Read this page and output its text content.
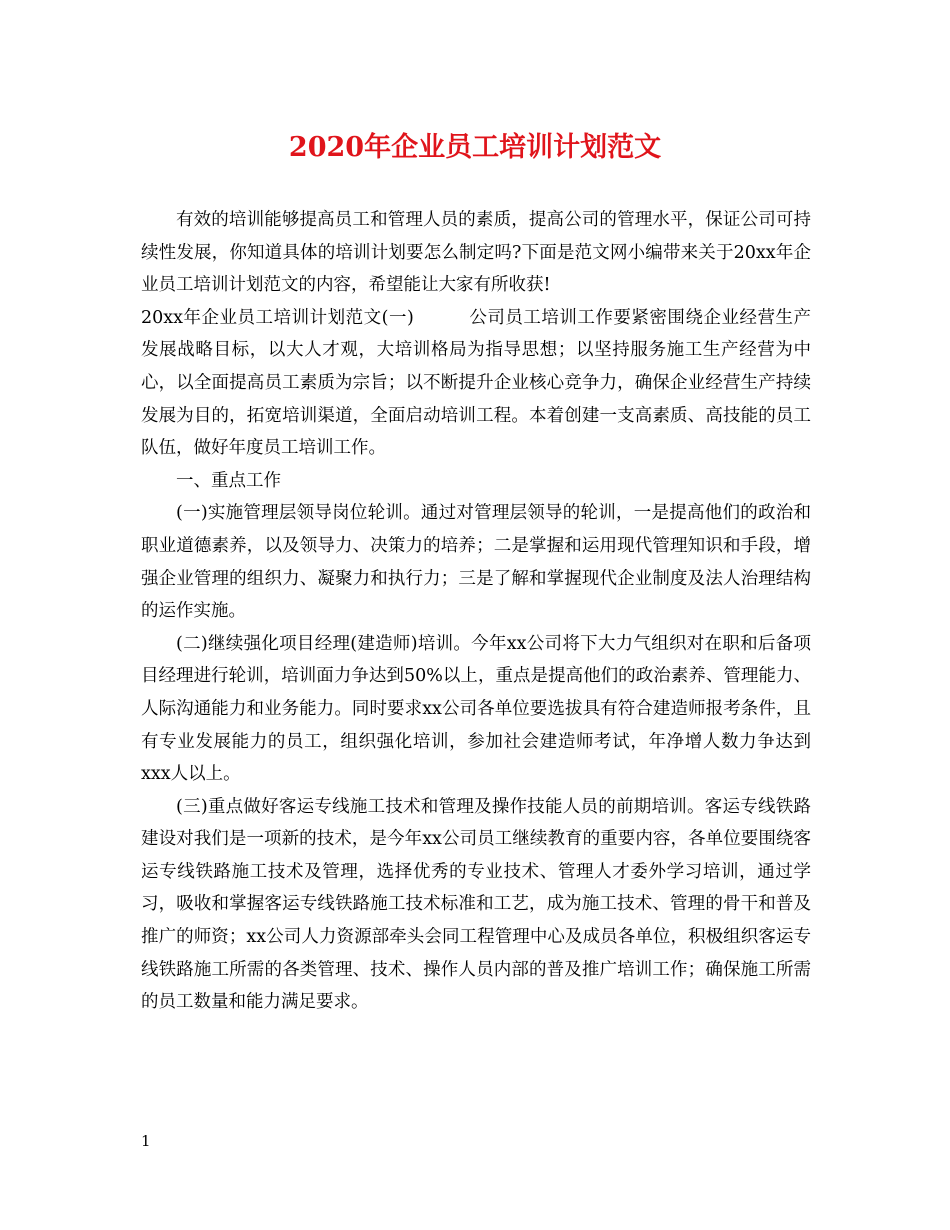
2020年企业员工培训计划范文

有效的培训能够提高员工和管理人员的素质，提高公司的管理水平，保证公司可持续性发展，你知道具体的培训计划要怎么制定吗?下面是范文网小编带来关于20xx年企业员工培训计划范文的内容，希望能让大家有所收获!

20xx年企业员工培训计划范文(一)	公司员工培训工作要紧密围绕企业经营生产发展战略目标，以大人才观，大培训格局为指导思想；以坚持服务施工生产经营为中心，以全面提高员工素质为宗旨；以不断提升企业核心竞争力，确保企业经营生产持续发展为目的，拓宽培训渠道，全面启动培训工程。本着创建一支高素质、高技能的员工队伍，做好年度员工培训工作。

一、重点工作

(一)实施管理层领导岗位轮训。通过对管理层领导的轮训，一是提高他们的政治和职业道德素养，以及领导力、决策力的培养；二是掌握和运用现代管理知识和手段，增强企业管理的组织力、凝聚力和执行力；三是了解和掌握现代企业制度及法人治理结构的运作实施。

(二)继续强化项目经理(建造师)培训。今年xx公司将下大力气组织对在职和后备项目经理进行轮训，培训面力争达到50%以上，重点是提高他们的政治素养、管理能力、人际沟通能力和业务能力。同时要求xx公司各单位要选拔具有符合建造师报考条件，且有专业发展能力的员工，组织强化培训，参加社会建造师考试，年净增人数力争达到xxx人以上。

(三)重点做好客运专线施工技术和管理及操作技能人员的前期培训。客运专线铁路建设对我们是一项新的技术，是今年xx公司员工继续教育的重要内容，各单位要围绕客运专线铁路施工技术及管理，选择优秀的专业技术、管理人才委外学习培训，通过学习，吸收和掌握客运专线铁路施工技术标准和工艺，成为施工技术、管理的骨干和普及推广的师资；xx公司人力资源部牵头会同工程管理中心及成员各单位，积极组织客运专线铁路施工所需的各类管理、技术、操作人员内部的普及推广培训工作；确保施工所需的员工数量和能力满足要求。

1
